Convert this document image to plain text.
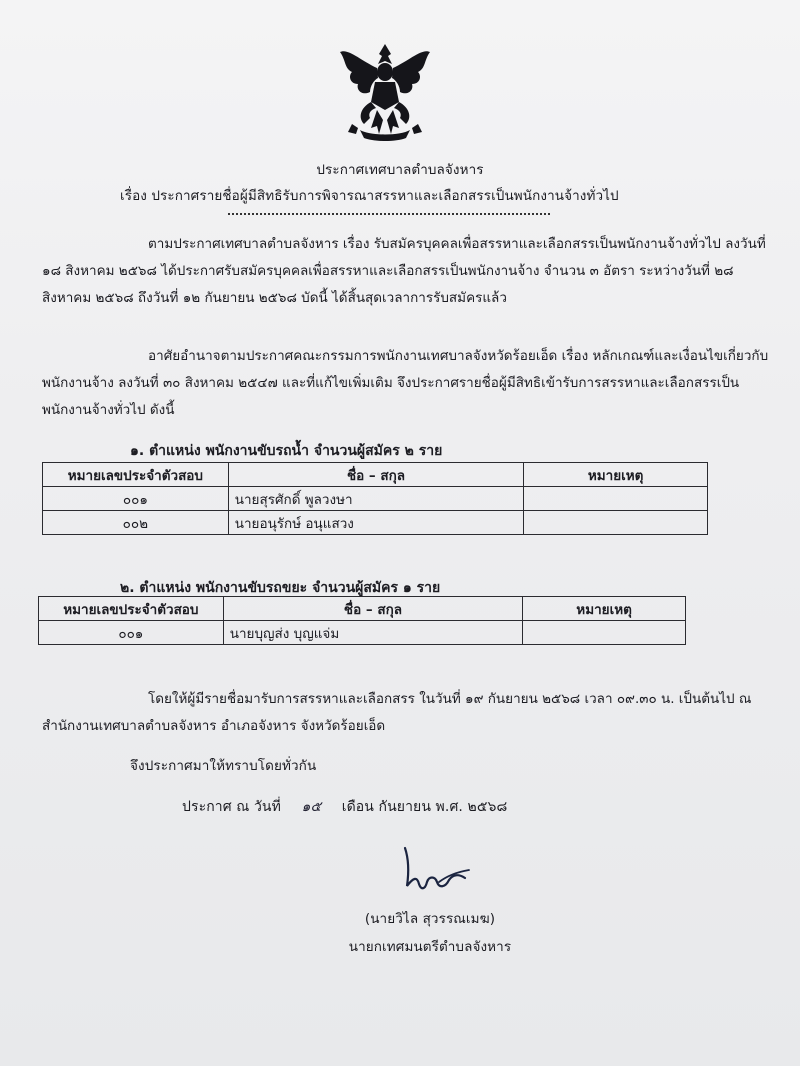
ประกาศเทศบาลตำบลจังหาร
เรื่อง ประกาศรายชื่อผู้มีสิทธิรับการพิจารณาสรรหาและเลือกสรรเป็นพนักงานจ้างทั่วไป
ตามประกาศเทศบาลตำบลจังหาร เรื่อง รับสมัครบุคคลเพื่อสรรหาและเลือกสรรเป็นพนักงานจ้างทั่วไป ลงวันที่ ๑๘ สิงหาคม ๒๕๖๘ ได้ประกาศรับสมัครบุคคลเพื่อสรรหาและเลือกสรรเป็นพนักงานจ้าง จำนวน ๓ อัตรา ระหว่างวันที่ ๒๘ สิงหาคม ๒๕๖๘ ถึงวันที่ ๑๒ กันยายน ๒๕๖๘ บัดนี้ ได้สิ้นสุดเวลาการรับสมัครแล้ว
อาศัยอำนาจตามประกาศคณะกรรมการพนักงานเทศบาลจังหวัดร้อยเอ็ด เรื่อง หลักเกณฑ์และเงื่อนไขเกี่ยวกับพนักงานจ้าง ลงวันที่ ๓๐ สิงหาคม ๒๕๔๗ และที่แก้ไขเพิ่มเติม จึงประกาศรายชื่อผู้มีสิทธิเข้ารับการสรรหาและเลือกสรรเป็นพนักงานจ้างทั่วไป ดังนี้
๑. ตำแหน่ง พนักงานขับรถน้ำ จำนวนผู้สมัคร ๒ ราย
หมายเลขประจำตัวสอบ	ชื่อ – สกุล	หมายเหตุ
๐๐๑	นายสุรศักดิ์ พูลวงษา	
๐๐๒	นายอนุรักษ์ อนุแสวง	
๒. ตำแหน่ง พนักงานขับรถขยะ จำนวนผู้สมัคร ๑ ราย
หมายเลขประจำตัวสอบ	ชื่อ – สกุล	หมายเหตุ
๐๐๑	นายบุญส่ง บุญแจ่ม	
โดยให้ผู้มีรายชื่อมารับการสรรหาและเลือกสรร ในวันที่ ๑๙ กันยายน ๒๕๖๘ เวลา ๐๙.๓๐ น. เป็นต้นไป ณ สำนักงานเทศบาลตำบลจังหาร อำเภอจังหาร จังหวัดร้อยเอ็ด
จึงประกาศมาให้ทราบโดยทั่วกัน
ประกาศ ณ วันที่ ๑๕ เดือน กันยายน พ.ศ. ๒๕๖๘
(นายวิไล สุวรรณเมฆ)
นายกเทศมนตรีตำบลจังหาร
